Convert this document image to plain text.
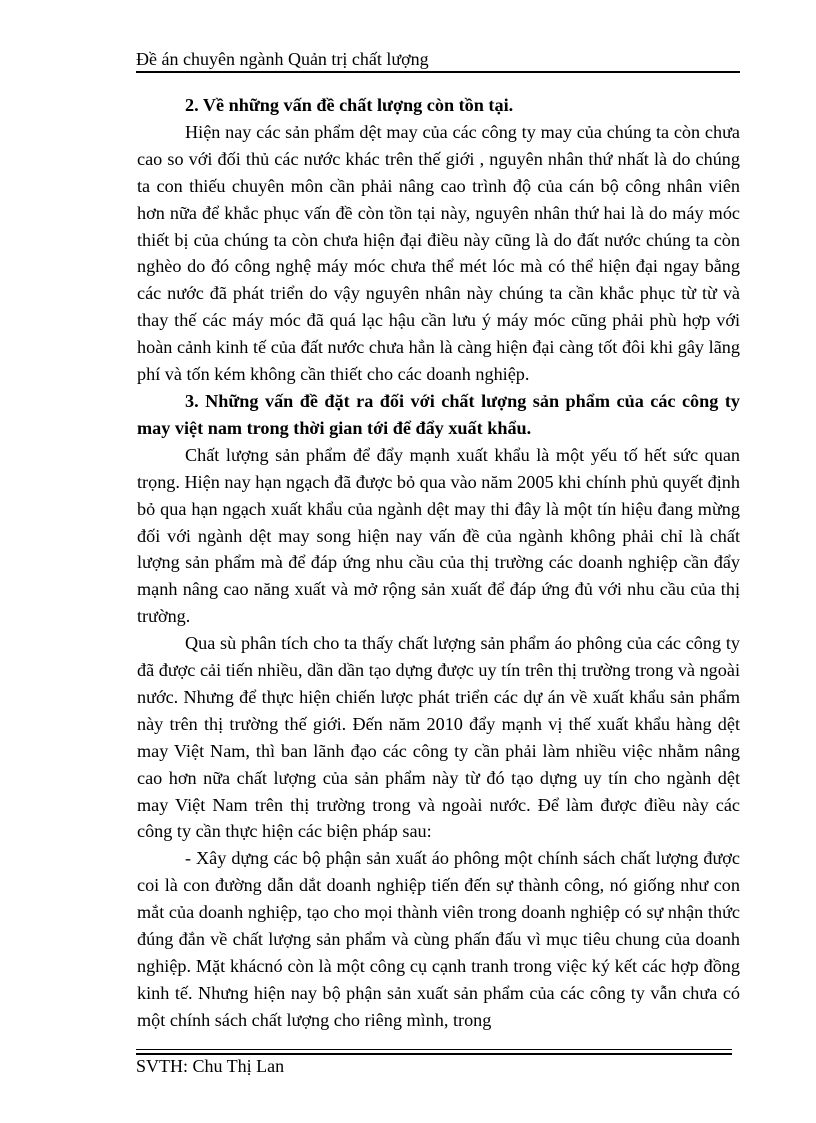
Đề án chuyên ngành Quản trị chất lượng

2. Về những vấn đề chất lượng còn tồn tại.

Hiện nay các sản phẩm dệt may của các công ty may của chúng ta còn chưa cao so với đối thủ các nước khác trên thế giới , nguyên nhân thứ nhất là do chúng ta con thiếu chuyên môn cần phải nâng cao trình độ của cán bộ công nhân viên hơn nữa để khắc phục vấn đề còn tồn tại này, nguyên nhân thứ hai là do máy móc thiết bị của chúng ta còn chưa hiện đại điều này cũng là do đất nước chúng ta còn nghèo do đó công nghệ máy móc chưa thể mét lóc mà có thể hiện đại ngay bằng các nước đã phát triển do vậy nguyên nhân này chúng ta cần khắc phục từ từ và thay thế các máy móc đã quá lạc hậu cần lưu ý máy móc cũng phải phù hợp với hoàn cảnh kinh tế của đất nước chưa hẳn là càng hiện đại càng tốt đôi khi gây lãng phí và tốn kém không cần thiết cho các doanh nghiệp.

3. Những vấn đề đặt ra đối với chất lượng sản phẩm của các công ty may việt nam trong thời gian tới để đẩy xuất khẩu.

Chất lượng sản phẩm để đẩy mạnh xuất khẩu là một yếu tố hết sức quan trọng. Hiện nay hạn ngạch đã được bỏ qua vào năm 2005 khi chính phủ quyết định bỏ qua hạn ngạch xuất khẩu của ngành dệt may thi đây là một tín hiệu đang mừng đối với ngành dệt may song hiện nay vấn đề của ngành không phải chỉ là chất lượng sản phẩm mà để đáp ứng nhu cầu của thị trường các doanh nghiệp cần đẩy mạnh nâng cao năng xuất và mở rộng sản xuất để đáp ứng đủ với nhu cầu của thị trường.

Qua sù phân tích cho ta thấy chất lượng sản phẩm áo phông của các công ty đã được cải tiến nhiều, dần dần tạo dựng được uy tín trên thị trường trong và ngoài nước. Nhưng để thực hiện chiến lược phát triển các dự án về xuất khẩu sản phẩm này trên thị trường thế giới. Đến năm 2010 đẩy mạnh vị thế xuất khẩu hàng dệt may Việt Nam, thì ban lãnh đạo các công ty cần phải làm nhiều việc nhằm nâng cao hơn nữa chất lượng của sản phẩm này từ đó tạo dựng uy tín cho ngành dệt may Việt Nam trên thị trường trong và ngoài nước. Để làm được điều này các công ty cần thực hiện các biện pháp sau:

- Xây dựng các bộ phận sản xuất áo phông một chính sách chất lượng được coi là con đường dẫn dắt doanh nghiệp tiến đến sự thành công, nó giống như con mắt của doanh nghiệp, tạo cho mọi thành viên trong doanh nghiệp có sự nhận thức đúng đắn về chất lượng sản phẩm và cùng phấn đấu vì mục tiêu chung của doanh nghiệp. Mặt khácnó còn là một công cụ cạnh tranh trong việc ký kết các hợp đồng kinh tế. Nhưng hiện nay bộ phận sản xuất sản phẩm của các công ty vẫn chưa có một chính sách chất lượng cho riêng mình, trong

SVTH: Chu Thị Lan
